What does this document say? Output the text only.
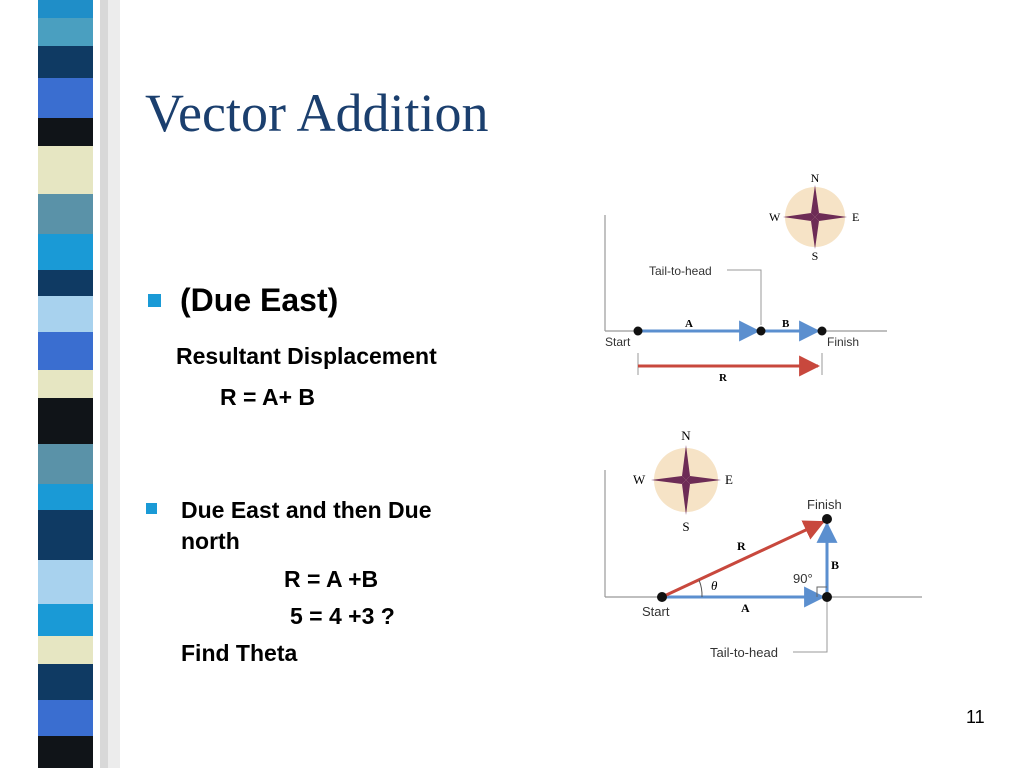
Vector Addition
(Due East)
Resultant Displacement
R = A+ B
Due East and then Due
north
R = A +B
5 = 4 +3 ?
Find Theta
11
N
S
E
W
Tail-to-head
A	B
Start	Finish
R
N
S
E
W
Finish
θ	90°
R
B
A
Start
Tail-to-head
